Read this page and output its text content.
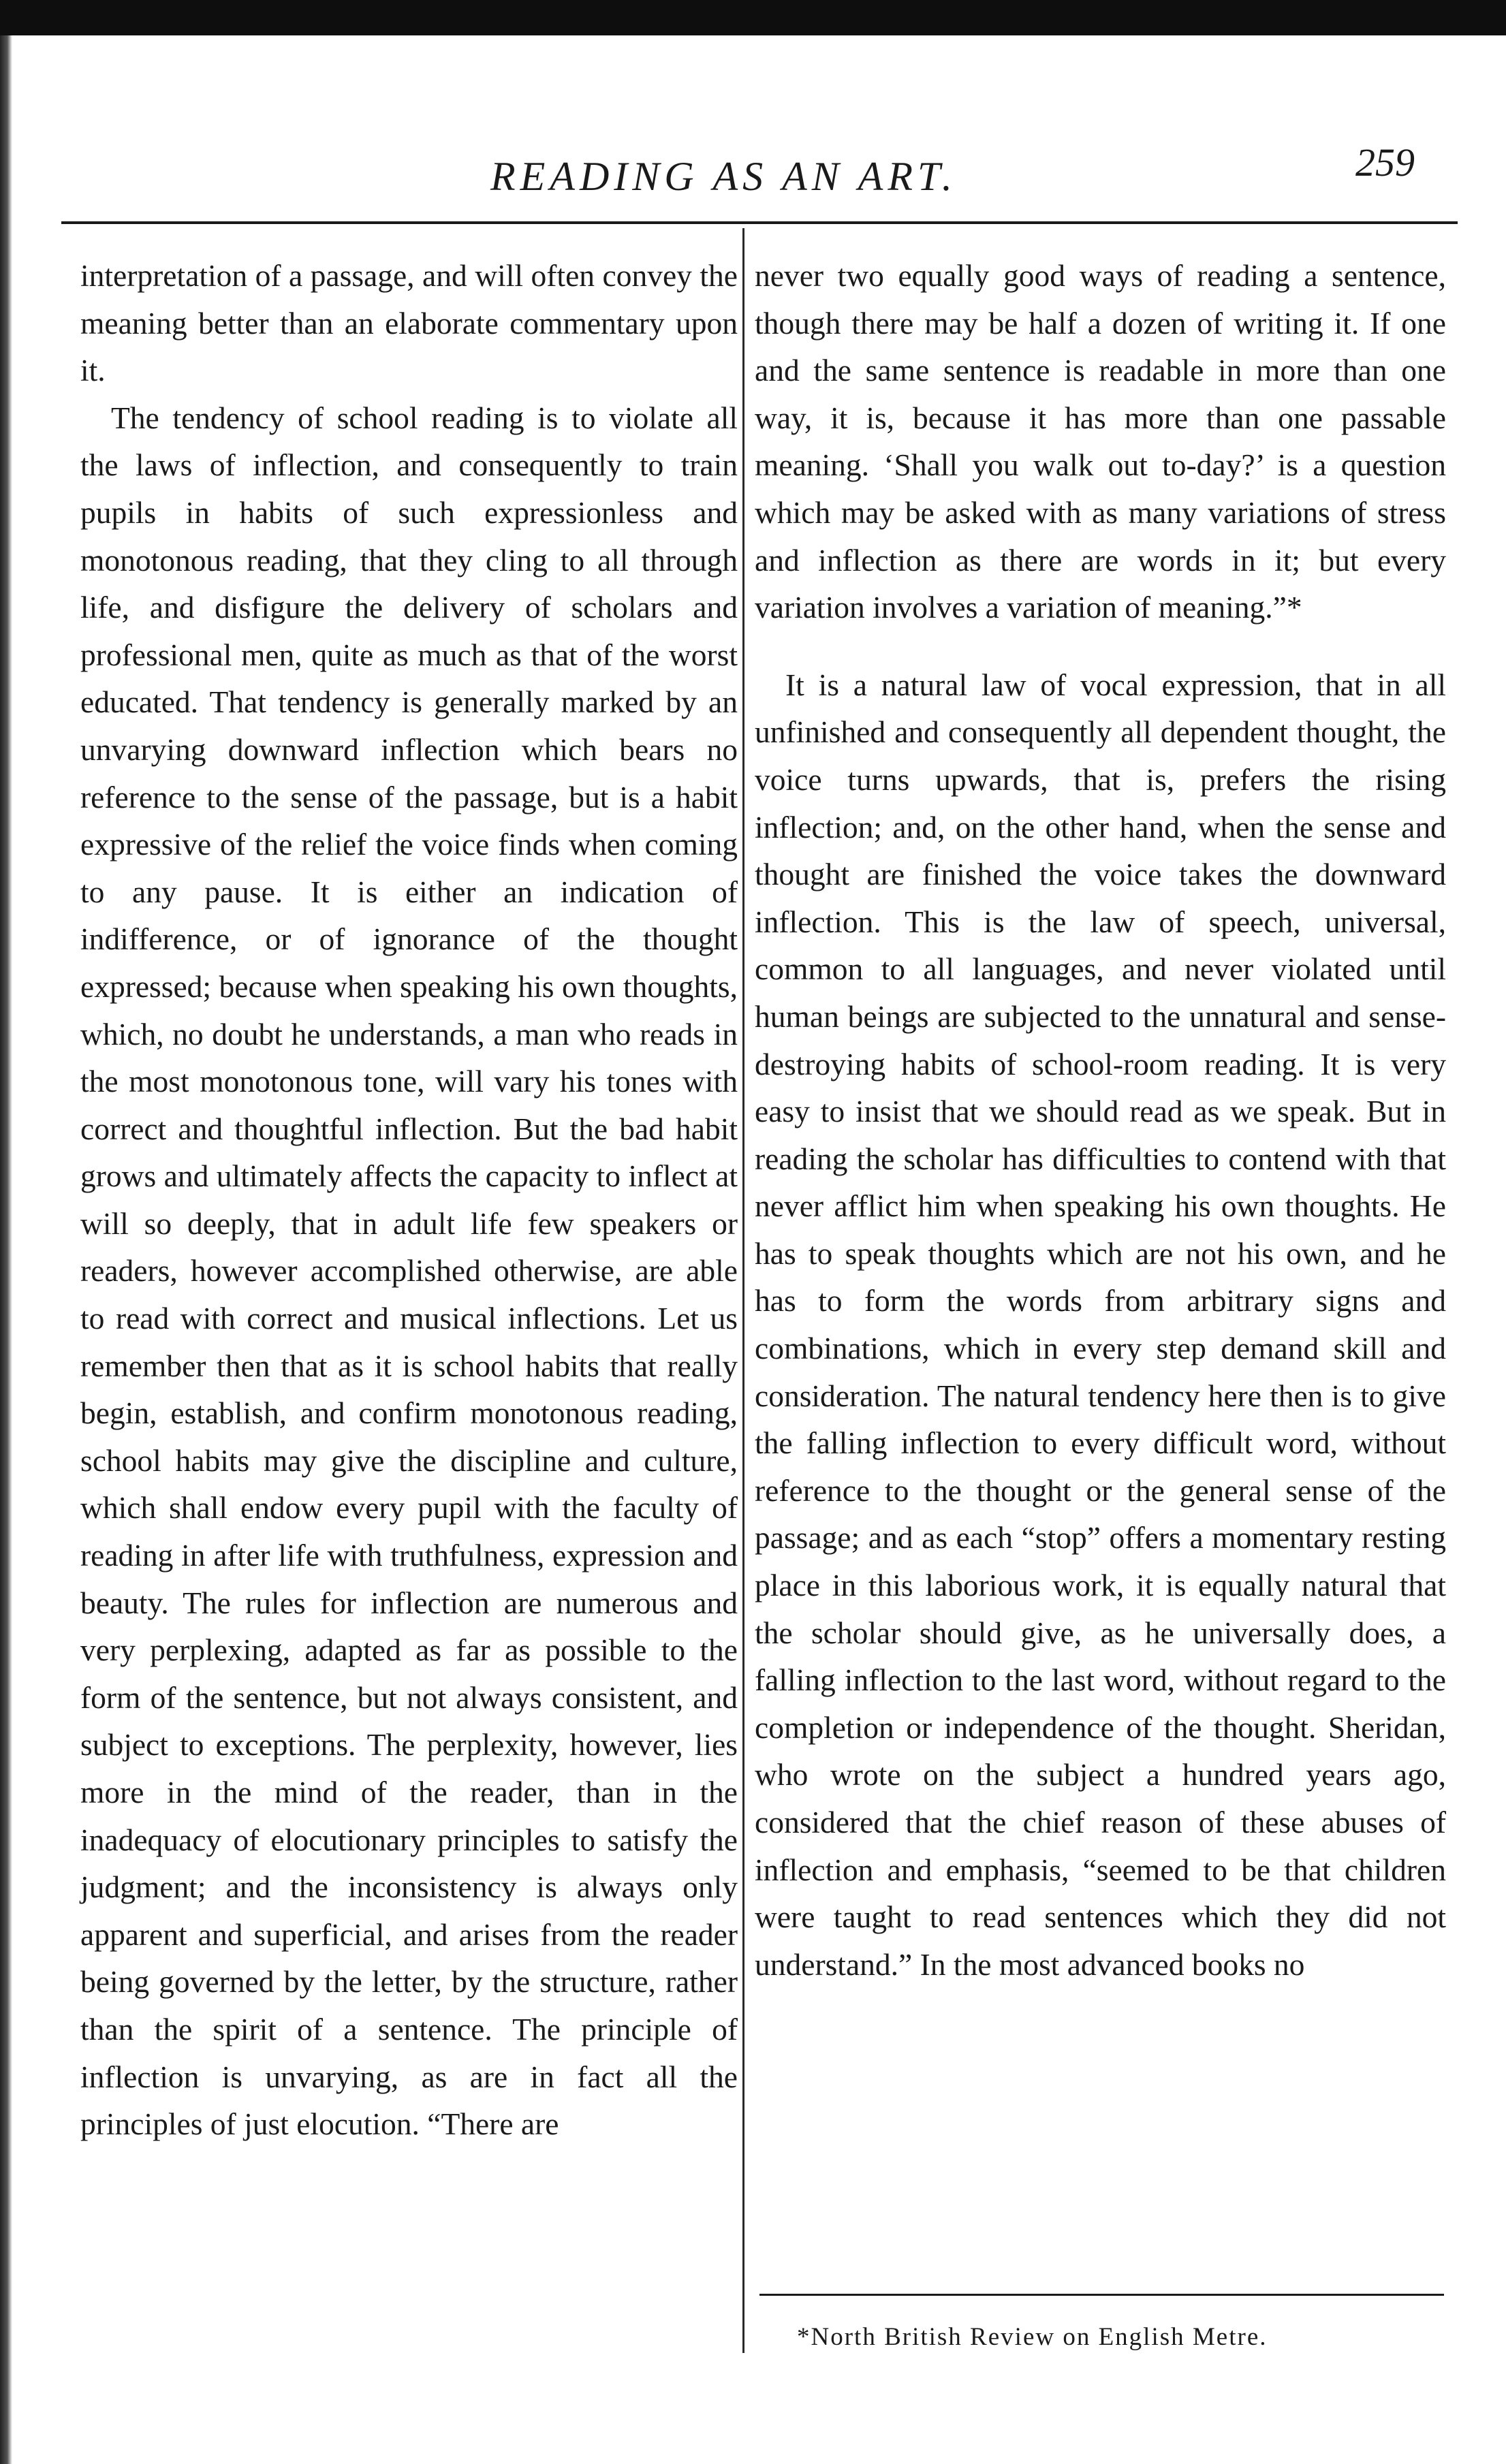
READING AS AN ART.	259

interpretation of a passage, and will often convey the meaning better than an elaborate commentary upon it.

The tendency of school reading is to violate all the laws of inflection, and consequently to train pupils in habits of such expressionless and monotonous reading, that they cling to all through life, and disfigure the delivery of scholars and professional men, quite as much as that of the worst educated. That tendency is generally marked by an unvarying downward inflection which bears no reference to the sense of the passage, but is a habit expressive of the relief the voice finds when coming to any pause. It is either an indication of indifference, or of ignorance of the thought expressed; because when speaking his own thoughts, which, no doubt he understands, a man who reads in the most monotonous tone, will vary his tones with correct and thoughtful inflection. But the bad habit grows and ultimately affects the capacity to inflect at will so deeply, that in adult life few speakers or readers, however accomplished otherwise, are able to read with correct and musical inflections. Let us remember then that as it is school habits that really begin, establish, and confirm monotonous reading, school habits may give the discipline and culture, which shall endow every pupil with the faculty of reading in after life with truthfulness, expression and beauty. The rules for inflection are numerous and very perplexing, adapted as far as possible to the form of the sentence, but not always consistent, and subject to exceptions. The perplexity, however, lies more in the mind of the reader, than in the inadequacy of elocutionary principles to satisfy the judgment; and the inconsistency is always only apparent and superficial, and arises from the reader being governed by the letter, by the structure, rather than the spirit of a sentence. The principle of inflection is unvarying, as are in fact all the principles of just elocution. “There are

never two equally good ways of reading a sentence, though there may be half a dozen of writing it. If one and the same sentence is readable in more than one way, it is, because it has more than one passable meaning. ‘Shall you walk out to-day?’ is a question which may be asked with as many variations of stress and inflection as there are words in it; but every variation involves a variation of meaning.”*

It is a natural law of vocal expression, that in all unfinished and consequently all dependent thought, the voice turns upwards, that is, prefers the rising inflection; and, on the other hand, when the sense and thought are finished the voice takes the downward inflection. This is the law of speech, universal, common to all languages, and never violated until human beings are subjected to the unnatural and sense-destroying habits of school-room reading. It is very easy to insist that we should read as we speak. But in reading the scholar has difficulties to contend with that never afflict him when speaking his own thoughts. He has to speak thoughts which are not his own, and he has to form the words from arbitrary signs and combinations, which in every step demand skill and consideration. The natural tendency here then is to give the falling inflection to every difficult word, without reference to the thought or the general sense of the passage; and as each “stop” offers a momentary resting place in this laborious work, it is equally natural that the scholar should give, as he universally does, a falling inflection to the last word, without regard to the completion or independence of the thought. Sheridan, who wrote on the subject a hundred years ago, considered that the chief reason of these abuses of inflection and emphasis, “seemed to be that children were taught to read sentences which they did not understand.” In the most advanced books no

*North British Review on English Metre.
